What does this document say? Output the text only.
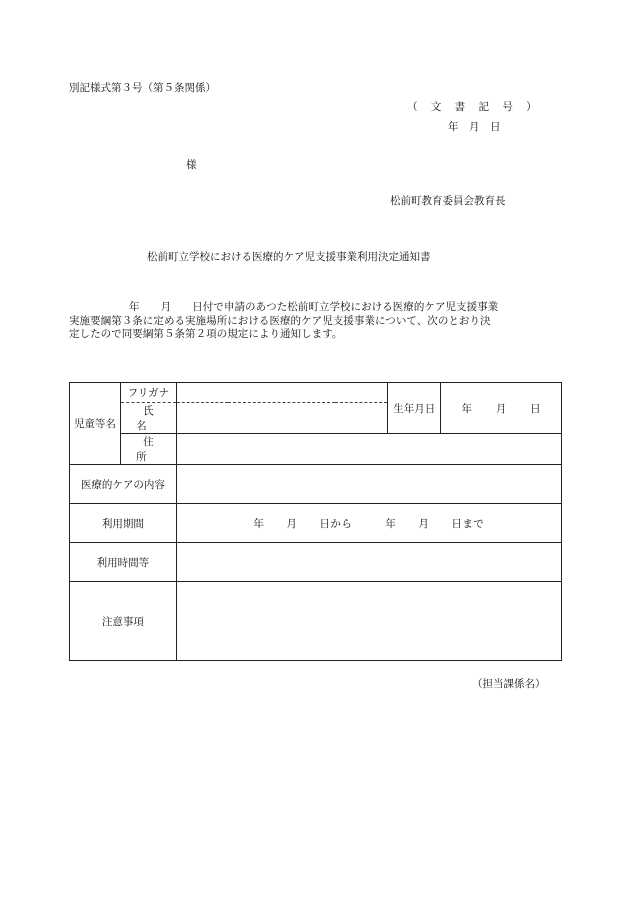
別記様式第３号（第５条関係）
（ 文 書 記 号 ）
年　月　日
様
松前町教育委員会教育長
松前町立学校における医療的ケア児支援事業利用決定通知書

年　　月　　日付で申請のあつた松前町立学校における医療的ケア児支援事業

実施要綱第３条に定める実施場所における医療的ケア児支援事業について、次のとおり決

定したので同要綱第５条第２項の規定により通知します。

児童等名	フリガナ		生年月日	年　 月　 日
	氏名			
	住所			
医療的ケアの内容				
利用期間		年　　月　　日から　　　年　　月　　日まで		
利用時間等				
注意事項				
（担当課係名）
